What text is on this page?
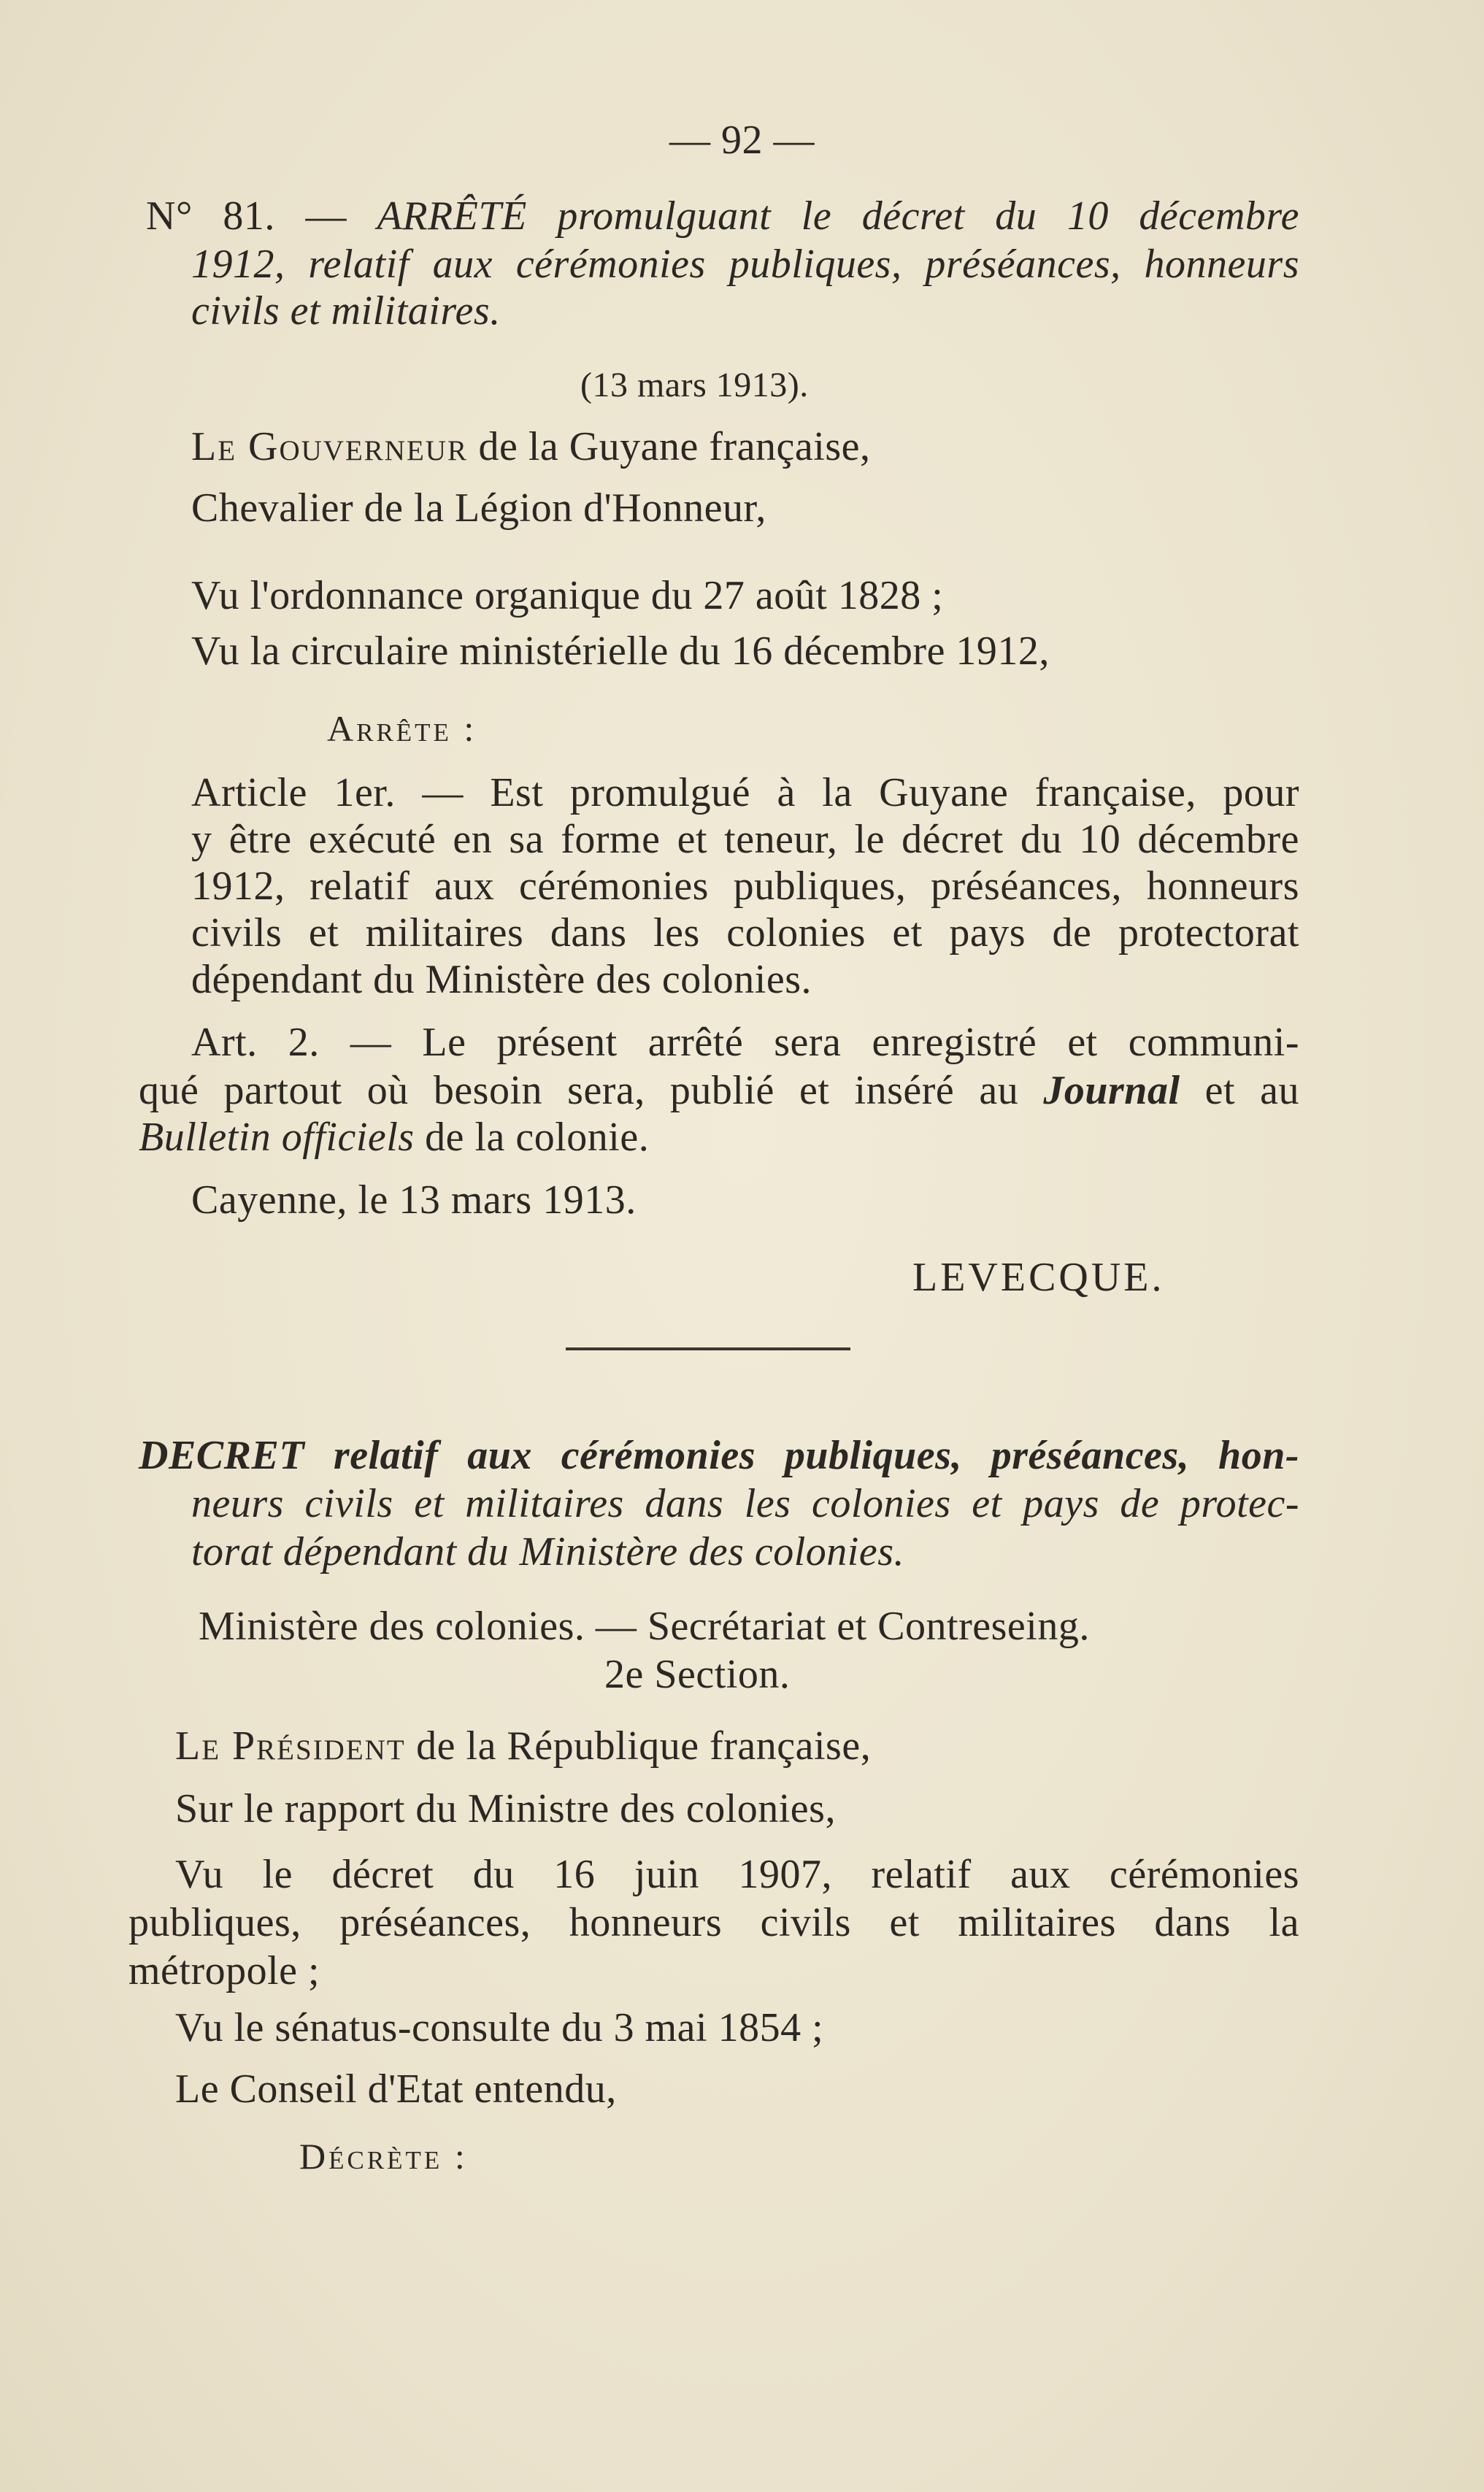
— 92 —
N° 81. — ARRÊTÉ promulguant le décret du 10 décembre
1912, relatif aux cérémonies publiques, préséances, honneurs
civils et militaires.
(13 mars 1913).
Le Gouverneur de la Guyane française,
Chevalier de la Légion d'Honneur,
Vu l'ordonnance organique du 27 août 1828 ;
Vu la circulaire ministérielle du 16 décembre 1912,
Arrête :
Article 1er. — Est promulgué à la Guyane française, pour
y être exécuté en sa forme et teneur, le décret du 10 décembre
1912, relatif aux cérémonies publiques, préséances, honneurs
civils et militaires dans les colonies et pays de protectorat
dépendant du Ministère des colonies.
Art. 2. — Le présent arrêté sera enregistré et communi-
qué partout où besoin sera, publié et inséré au Journal et au
Bulletin officiels de la colonie.
Cayenne, le 13 mars 1913.
LEVECQUE.
DECRET relatif aux cérémonies publiques, préséances, hon-
neurs civils et militaires dans les colonies et pays de protec-
torat dépendant du Ministère des colonies.
Ministère des colonies. — Secrétariat et Contreseing.
2e Section.
Le Président de la République française,
Sur le rapport du Ministre des colonies,
Vu le décret du 16 juin 1907, relatif aux cérémonies
publiques, préséances, honneurs civils et militaires dans la
métropole ;
Vu le sénatus-consulte du 3 mai 1854 ;
Le Conseil d'Etat entendu,
Décrète :
